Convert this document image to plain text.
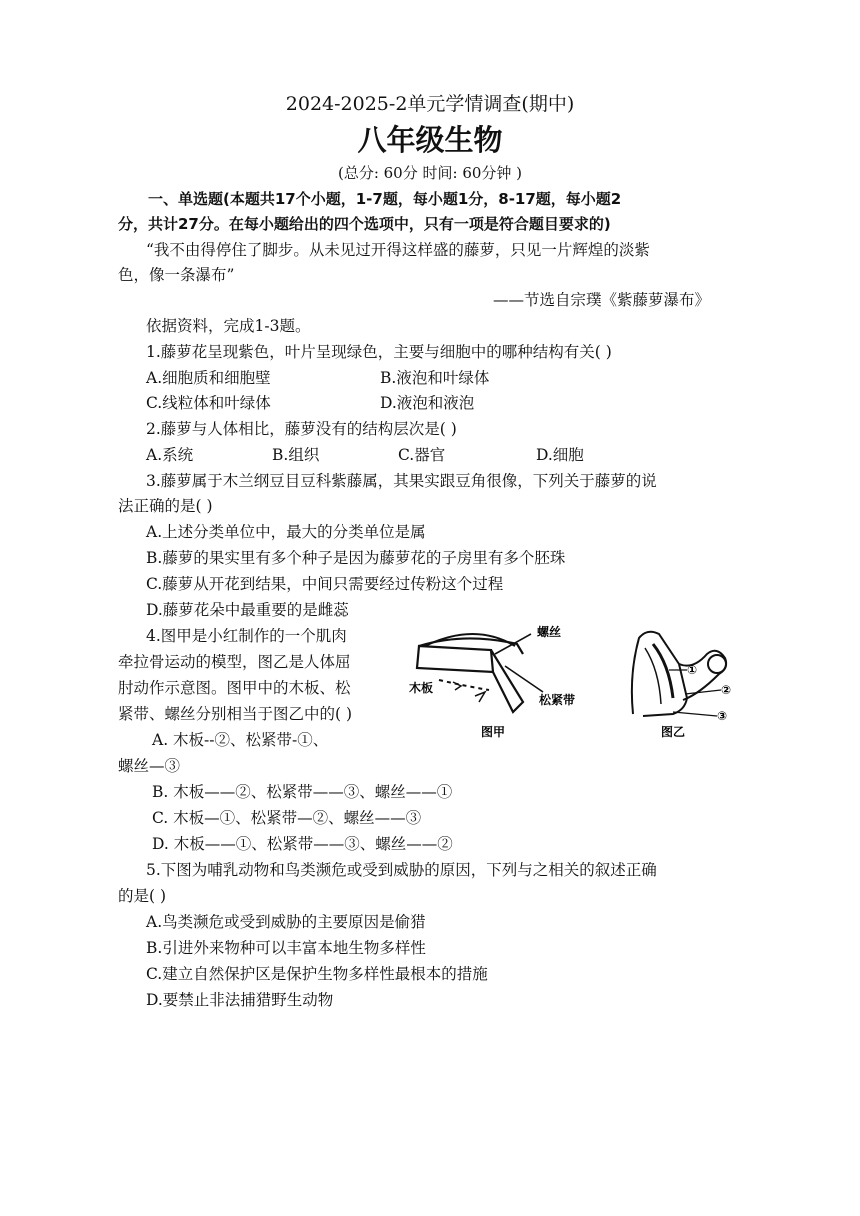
2024-2025-2单元学情调查(期中)
八年级生物
(总分: 60分 时间: 60分钟 )
一、单选题(本题共17个小题，1-7题，每小题1分，8-17题，每小题2
分，共计27分。在每小题给出的四个选项中，只有一项是符合题目要求的)
“我不由得停住了脚步。从未见过开得这样盛的藤萝，只见一片辉煌的淡紫
色，像一条瀑布”
——节选自宗璞《紫藤萝瀑布》
依据资料，完成1-3题。
1.藤萝花呈现紫色，叶片呈现绿色，主要与细胞中的哪种结构有关( )
A.细胞质和细胞壁	B.液泡和叶绿体
C.线粒体和叶绿体	D.液泡和液泡
2.藤萝与人体相比，藤萝没有的结构层次是( )
A.系统	B.组织	C.器官	D.细胞
3.藤萝属于木兰纲豆目豆科紫藤属，其果实跟豆角很像，下列关于藤萝的说
法正确的是( )
A.上述分类单位中，最大的分类单位是属
B.藤萝的果实里有多个种子是因为藤萝花的子房里有多个胚珠
C.藤萝从开花到结果，中间只需要经过传粉这个过程
D.藤萝花朵中最重要的是雌蕊
4.图甲是小红制作的一个肌肉
牵拉骨运动的模型，图乙是人体屈
肘动作示意图。图甲中的木板、松
紧带、螺丝分别相当于图乙中的( )
A. 木板--②、松紧带-①、
螺丝—③
B. 木板——②、松紧带——③、螺丝——①
C. 木板—①、松紧带—②、螺丝——③
D. 木板——①、松紧带——③、螺丝——②
螺丝
木板
松紧带
图甲
①
②
③
图乙
5.下图为哺乳动物和鸟类濒危或受到威胁的原因，下列与之相关的叙述正确
的是( )
A.鸟类濒危或受到威胁的主要原因是偷猎
B.引进外来物种可以丰富本地生物多样性
C.建立自然保护区是保护生物多样性最根本的措施
D.要禁止非法捕猎野生动物
